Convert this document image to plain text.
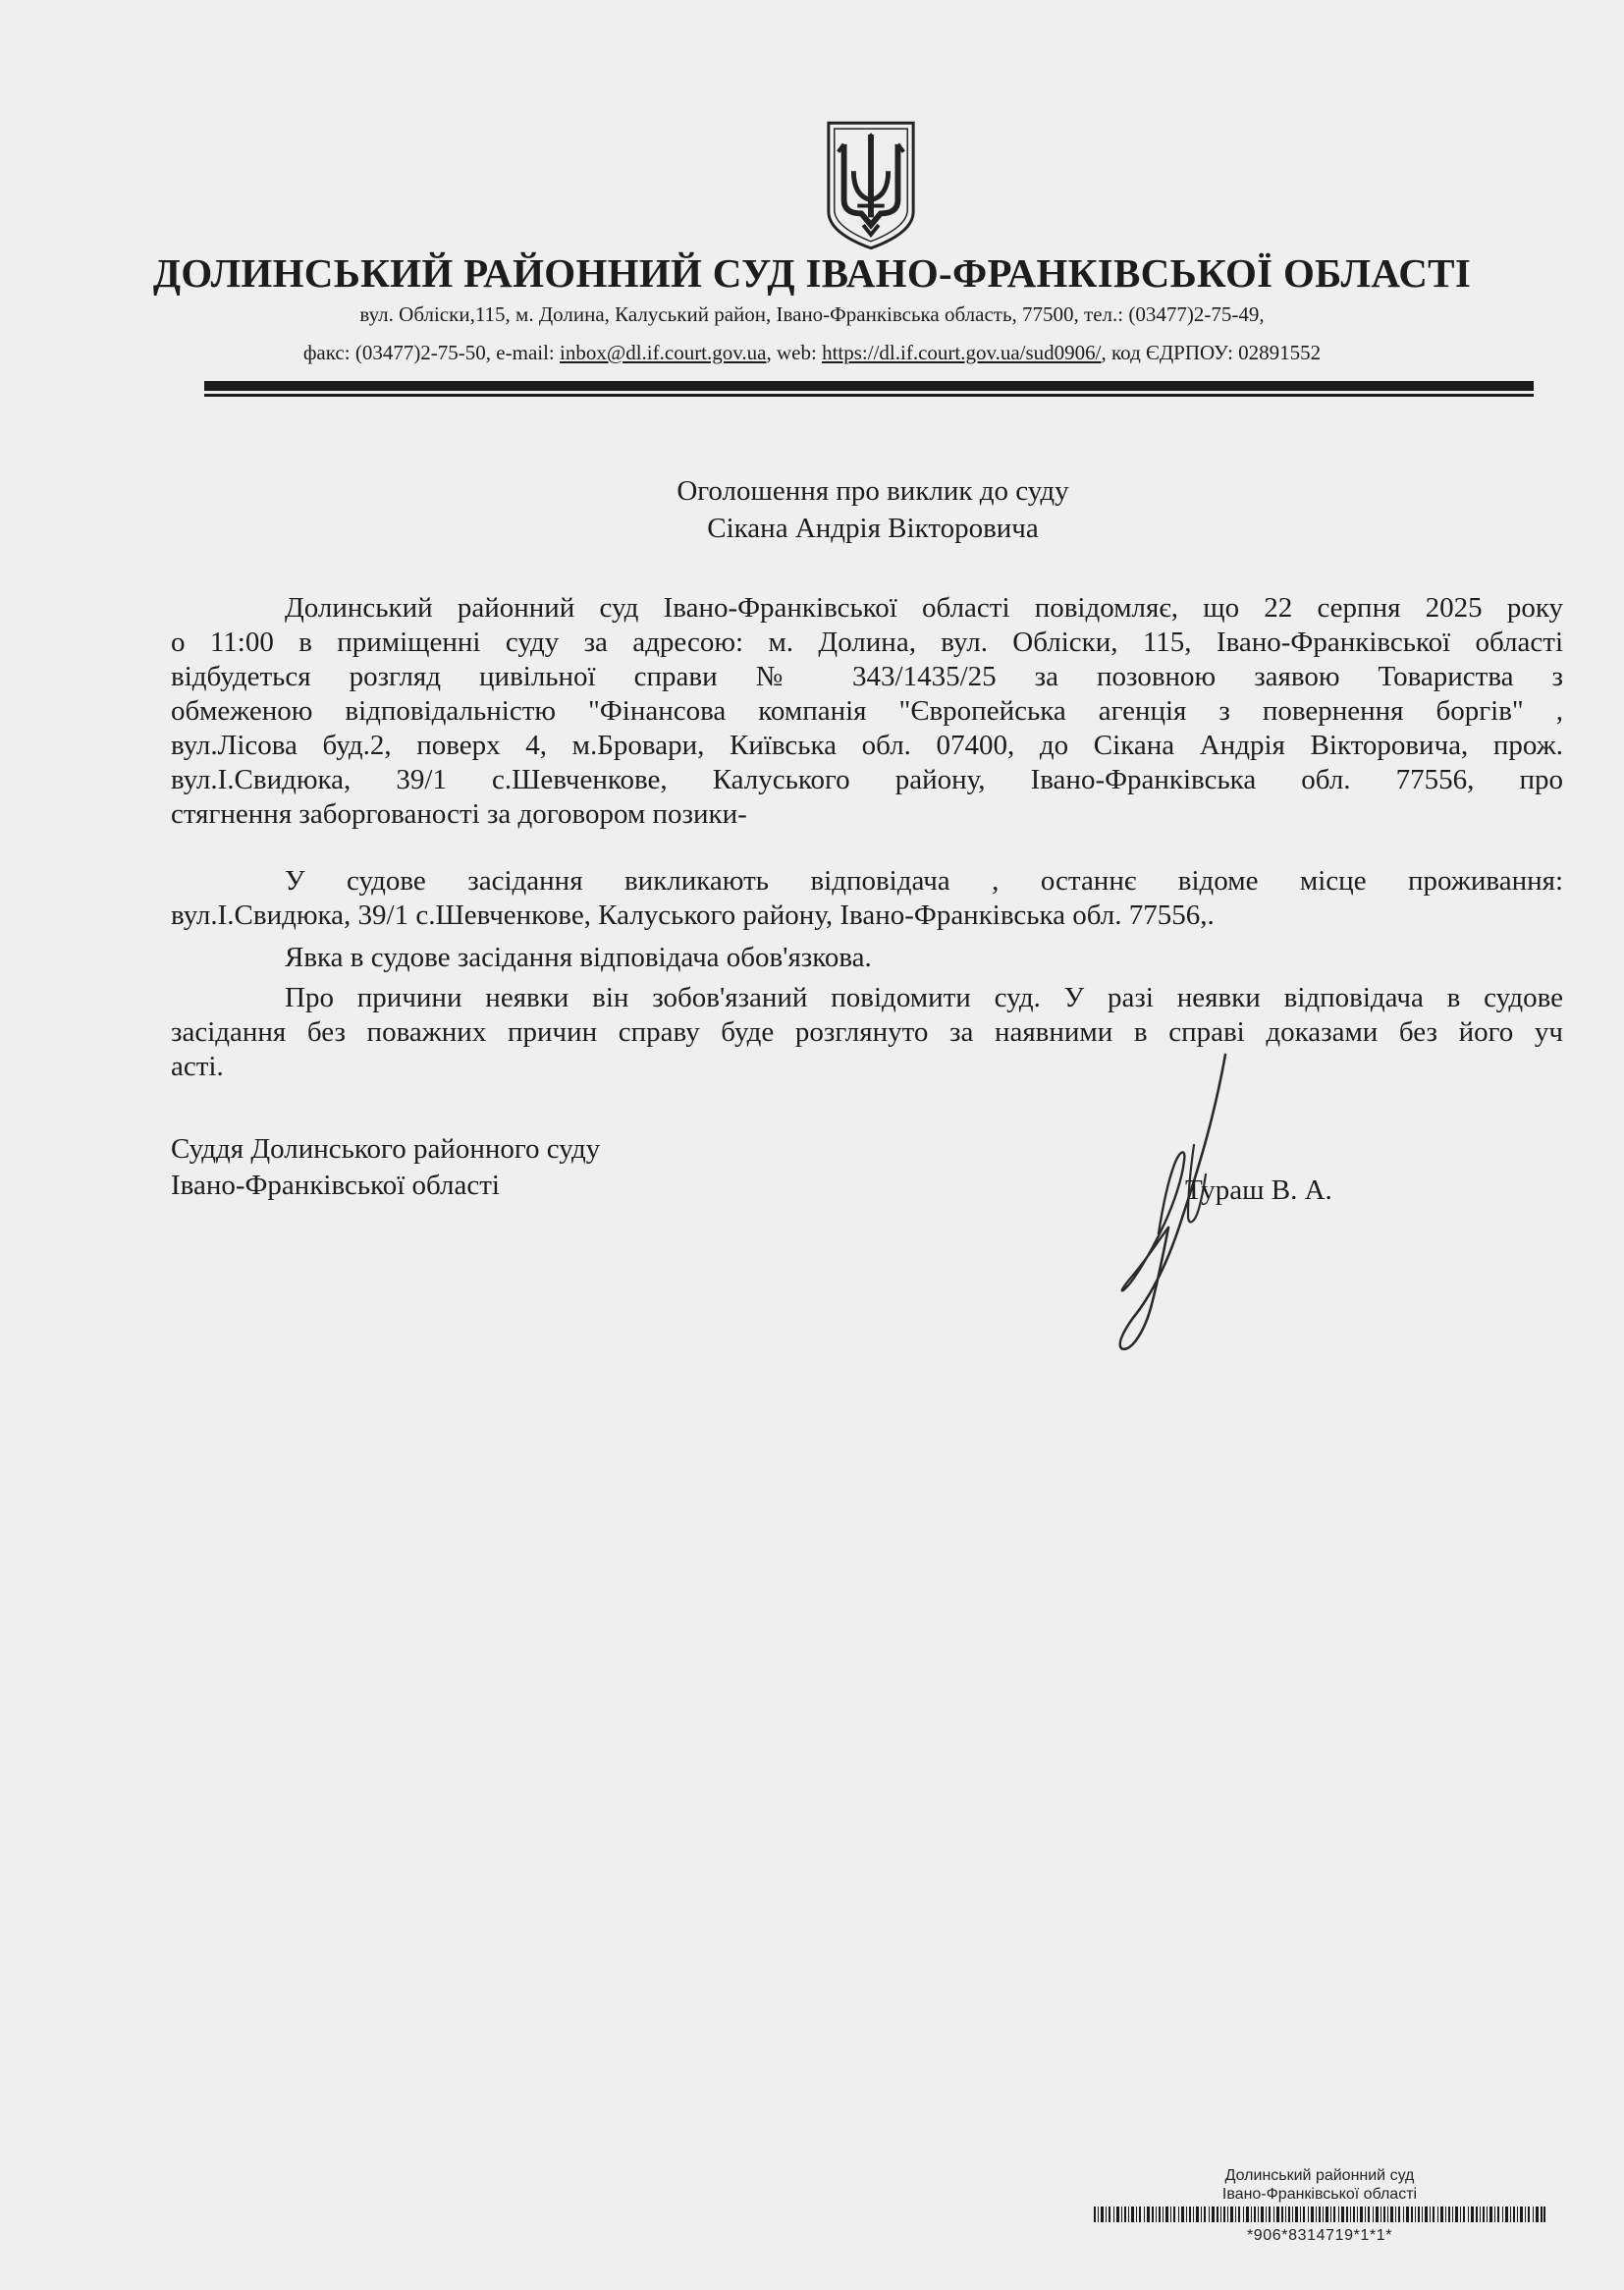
ДОЛИНСЬКИЙ РАЙОННИЙ СУД ІВАНО-ФРАНКІВСЬКОЇ ОБЛАСТІ
вул. Обліски,115, м. Долина, Калуський район, Івано-Франківська область, 77500, тел.: (03477)2-75-49,
факс: (03477)2-75-50, e-mail: inbox@dl.if.court.gov.ua, web: https://dl.if.court.gov.ua/sud0906/, код ЄДРПОУ: 02891552
Оголошення про виклик до суду
Сікана Андрія Вікторовича
Долинський районний суд Івано-Франківської області повідомляє, що 22 серпня 2025 року
о 11:00 в приміщенні суду за адресою: м. Долина, вул. Обліски, 115, Івано-Франківської області
відбудеться розгляд цивільної справи № 343/1435/25 за позовною заявою Товариства з
обмеженою відповідальністю "Фінансова компанія "Європейська агенція з повернення боргів" ,
вул.Лісова буд.2, поверх 4, м.Бровари, Київська обл. 07400, до Сікана Андрія Вікторовича, прож.
вул.І.Свидюка, 39/1 с.Шевченкове, Калуського району, Івано-Франківська обл. 77556, про
стягнення заборгованості за договором позики-
У судове засідання викликають відповідача , останнє відоме місце проживання:
вул.І.Свидюка, 39/1 с.Шевченкове, Калуського району, Івано-Франківська обл. 77556,.
Явка в судове засідання відповідача обов'язкова.
Про причини неявки він зобов'язаний повідомити суд. У разі неявки відповідача в судове
засідання без поважних причин справу буде розглянуто за наявними в справі доказами без його уч
асті.
Суддя Долинського районного суду
Івано-Франківської області	Тураш В. А.
Долинський районний суд
Івано-Франківської області
*906*8314719*1*1*
